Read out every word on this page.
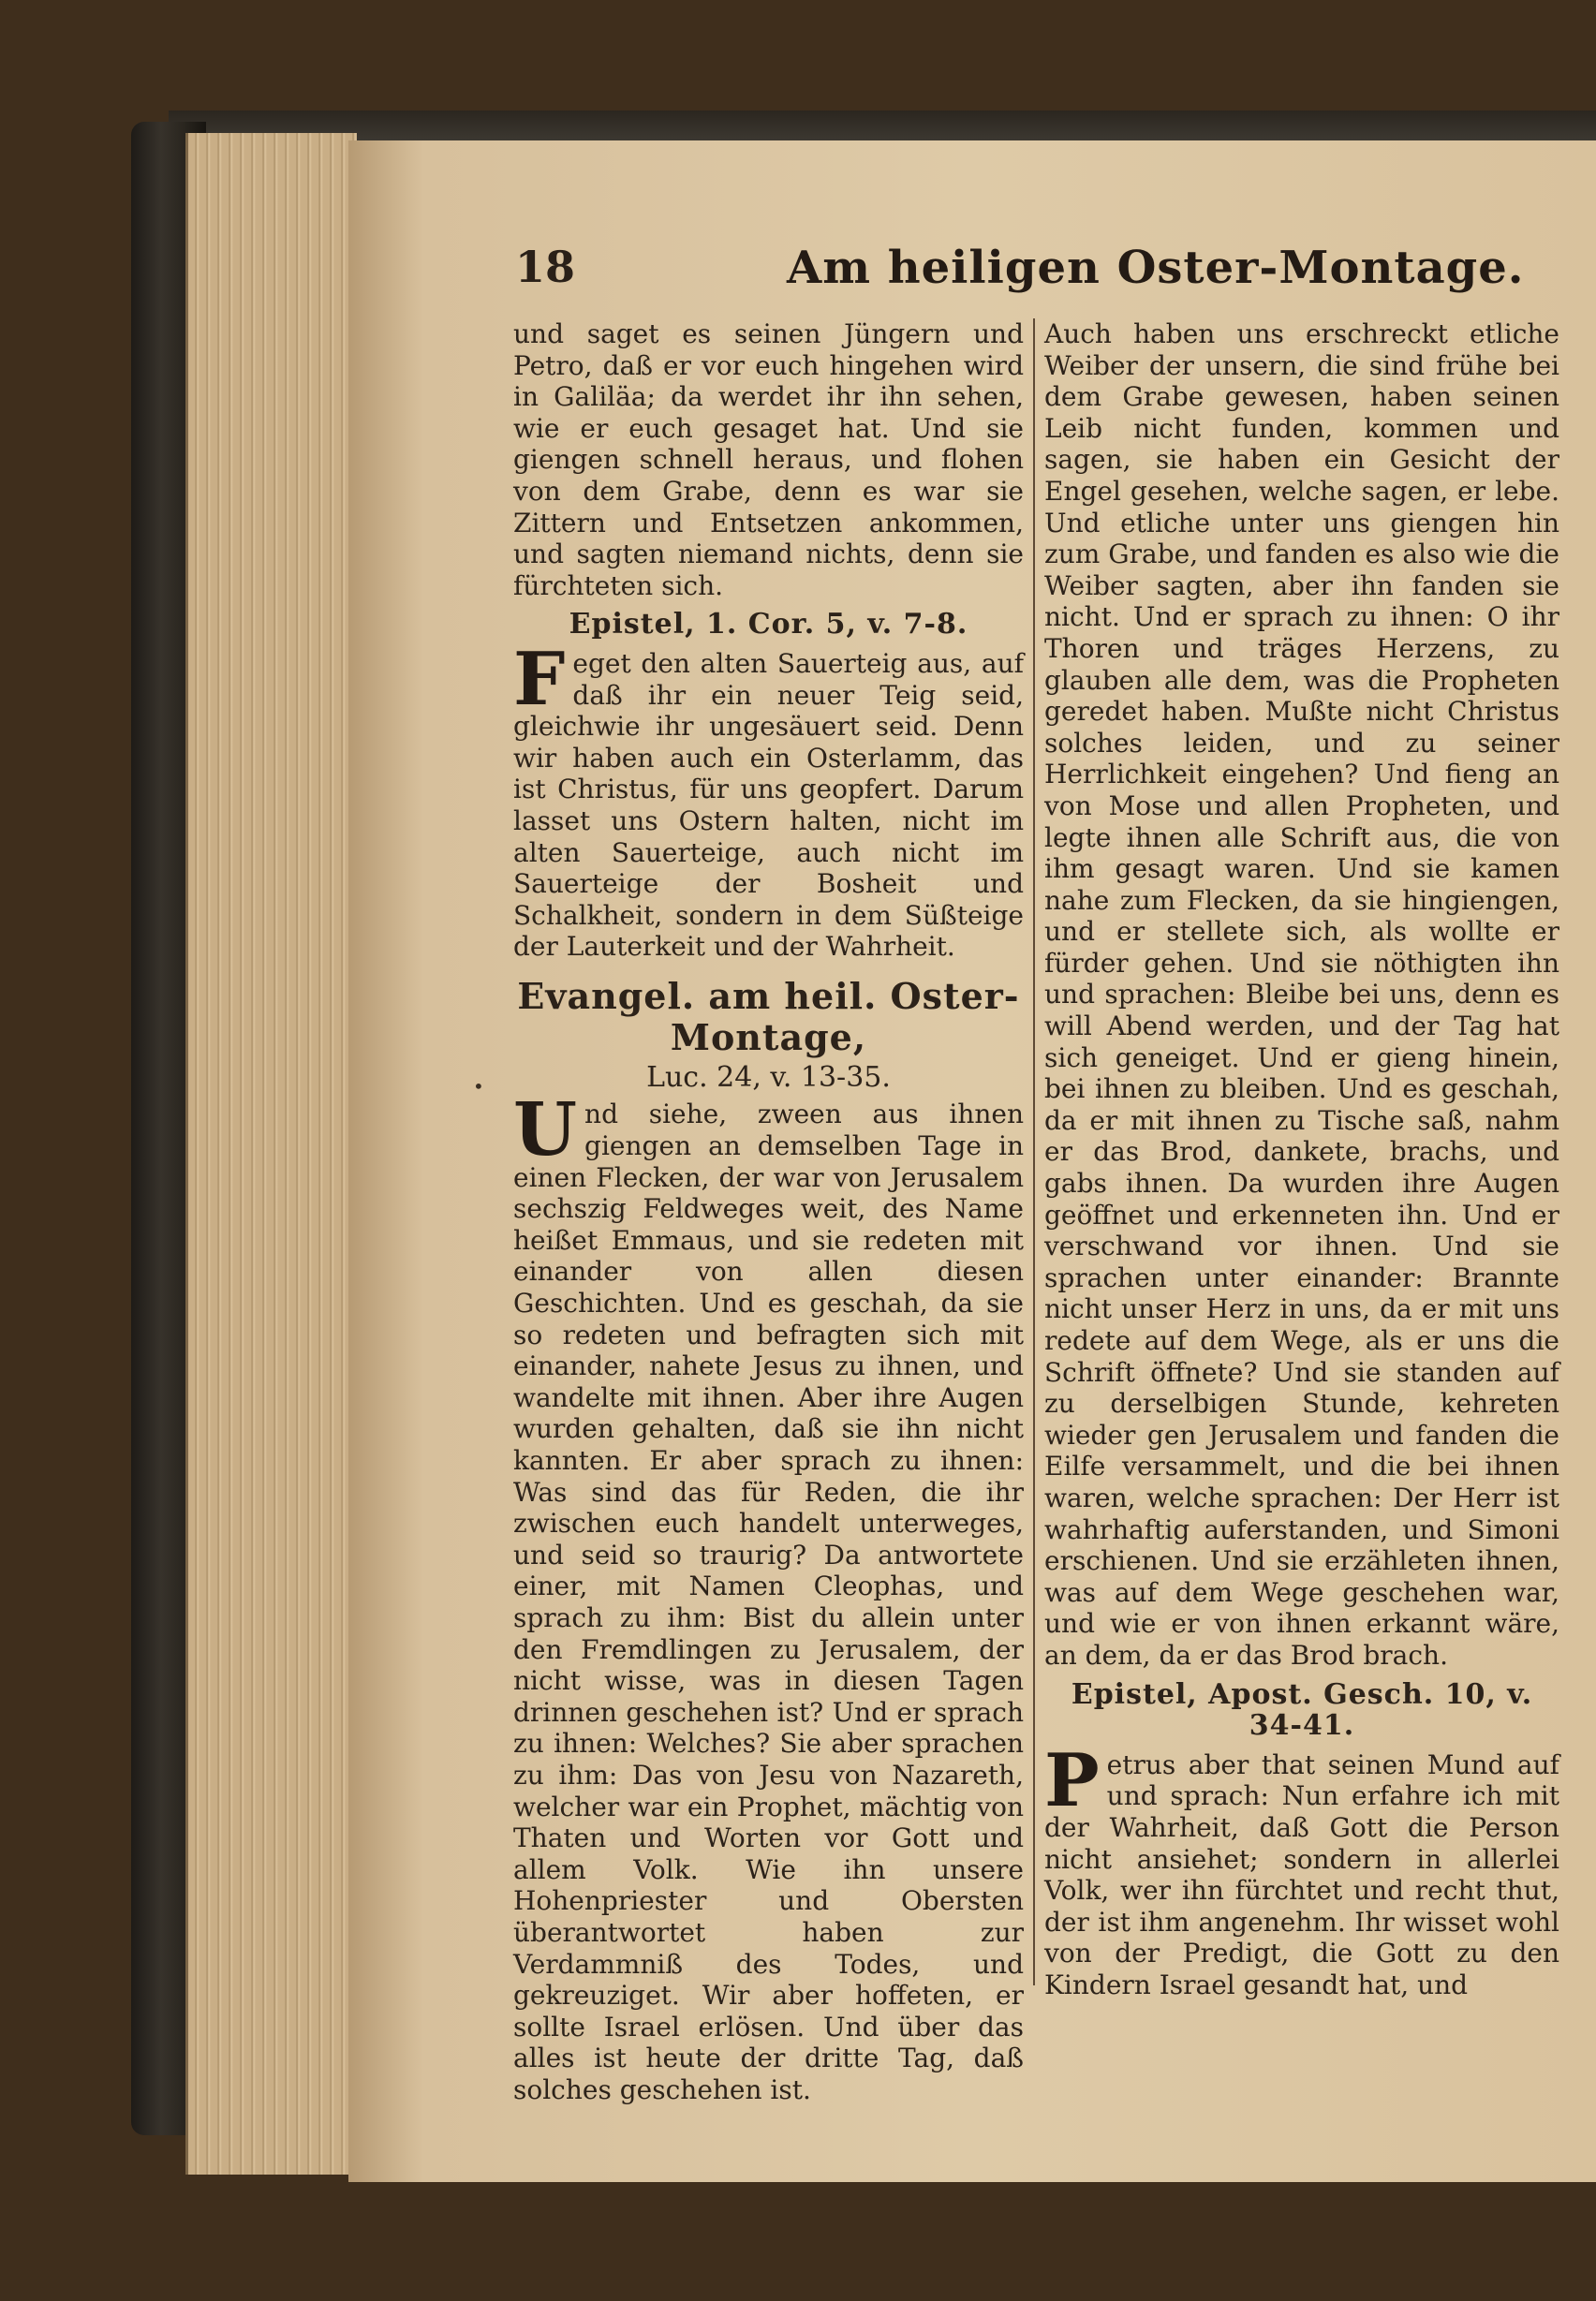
18	Am heiligen Oster-Montage.
•

und saget es seinen Jüngern und Petro, daß er vor euch hingehen wird in Galiläa; da werdet ihr ihn sehen, wie er euch gesaget hat. Und sie giengen schnell heraus, und flohen von dem Grabe, denn es war sie Zittern und Entsetzen ankommen, und sagten niemand nichts, denn sie fürchteten sich.

Epistel, 1. Cor. 5, v. 7-8.

Feget den alten Sauerteig aus, auf daß ihr ein neuer Teig seid, gleichwie ihr ungesäuert seid. Denn wir haben auch ein Osterlamm, das ist Christus, für uns geopfert. Darum lasset uns Ostern halten, nicht im alten Sauerteige, auch nicht im Sauerteige der Bosheit und Schalkheit, sondern in dem Süßteige der Lauterkeit und der Wahrheit.

Evangel. am heil. Oster-Montage,

Luc. 24, v. 13-35.

Und siehe, zween aus ihnen giengen an demselben Tage in einen Flecken, der war von Jerusalem sechszig Feldweges weit, des Name heißet Emmaus, und sie redeten mit einander von allen diesen Geschichten. Und es geschah, da sie so redeten und befragten sich mit einander, nahete Jesus zu ihnen, und wandelte mit ihnen. Aber ihre Augen wurden gehalten, daß sie ihn nicht kannten. Er aber sprach zu ihnen: Was sind das für Reden, die ihr zwischen euch handelt unterweges, und seid so traurig? Da antwortete einer, mit Namen Cleophas, und sprach zu ihm: Bist du allein unter den Fremdlingen zu Jerusalem, der nicht wisse, was in diesen Tagen drinnen geschehen ist? Und er sprach zu ihnen: Welches? Sie aber sprachen zu ihm: Das von Jesu von Nazareth, welcher war ein Prophet, mächtig von Thaten und Worten vor Gott und allem Volk. Wie ihn unsere Hohenpriester und Obersten überantwortet haben zur Verdammniß des Todes, und gekreuziget. Wir aber hoffeten, er sollte Israel erlösen. Und über das alles ist heute der dritte Tag, daß solches geschehen ist.

Auch haben uns erschreckt etliche Weiber der unsern, die sind frühe bei dem Grabe gewesen, haben seinen Leib nicht funden, kommen und sagen, sie haben ein Gesicht der Engel gesehen, welche sagen, er lebe. Und etliche unter uns giengen hin zum Grabe, und fanden es also wie die Weiber sagten, aber ihn fanden sie nicht. Und er sprach zu ihnen: O ihr Thoren und träges Herzens, zu glauben alle dem, was die Propheten geredet haben. Mußte nicht Christus solches leiden, und zu seiner Herrlichkeit eingehen? Und fieng an von Mose und allen Propheten, und legte ihnen alle Schrift aus, die von ihm gesagt waren. Und sie kamen nahe zum Flecken, da sie hingiengen, und er stellete sich, als wollte er fürder gehen. Und sie nöthigten ihn und sprachen: Bleibe bei uns, denn es will Abend werden, und der Tag hat sich geneiget. Und er gieng hinein, bei ihnen zu bleiben. Und es geschah, da er mit ihnen zu Tische saß, nahm er das Brod, dankete, brachs, und gabs ihnen. Da wurden ihre Augen geöffnet und erkenneten ihn. Und er verschwand vor ihnen. Und sie sprachen unter einander: Brannte nicht unser Herz in uns, da er mit uns redete auf dem Wege, als er uns die Schrift öffnete? Und sie standen auf zu derselbigen Stunde, kehreten wieder gen Jerusalem und fanden die Eilfe versammelt, und die bei ihnen waren, welche sprachen: Der Herr ist wahrhaftig auferstanden, und Simoni erschienen. Und sie erzähleten ihnen, was auf dem Wege geschehen war, und wie er von ihnen erkannt wäre, an dem, da er das Brod brach.

Epistel, Apost. Gesch. 10, v. 34-41.

Petrus aber that seinen Mund auf und sprach: Nun erfahre ich mit der Wahrheit, daß Gott die Person nicht ansiehet; sondern in allerlei Volk, wer ihn fürchtet und recht thut, der ist ihm angenehm. Ihr wisset wohl von der Predigt, die Gott zu den Kindern Israel gesandt hat, und
